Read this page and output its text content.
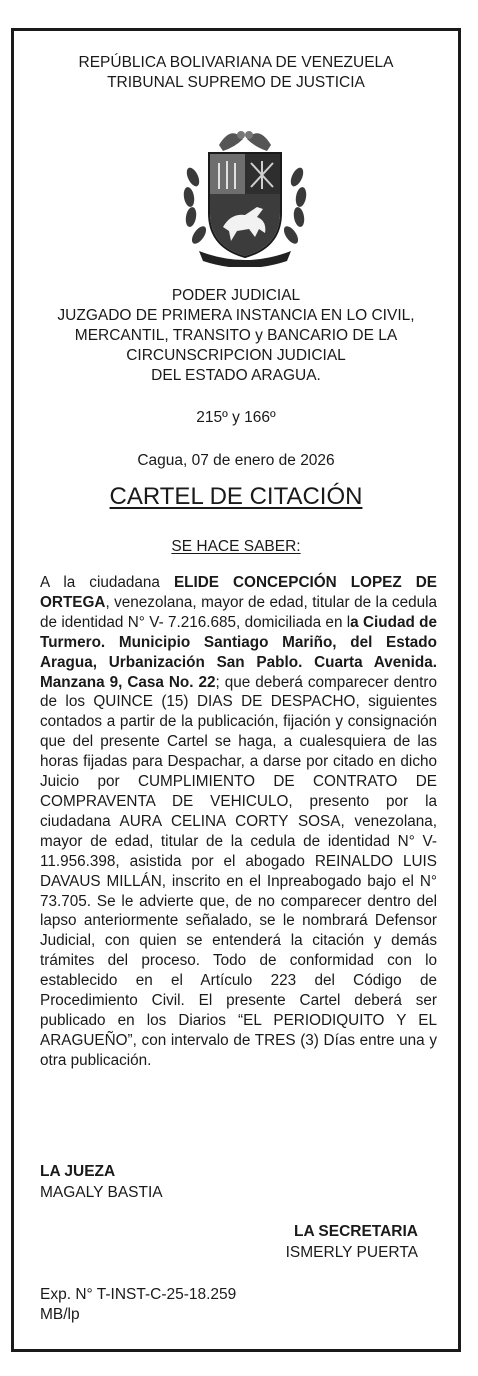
REPÚBLICA BOLIVARIANA DE VENEZUELA
TRIBUNAL SUPREMO DE JUSTICIA
PODER JUDICIAL
JUZGADO DE PRIMERA INSTANCIA EN LO CIVIL,
MERCANTIL, TRANSITO y BANCARIO DE LA
CIRCUNSCRIPCION JUDICIAL
DEL ESTADO ARAGUA.
215º y 166º
Cagua, 07 de enero de 2026
CARTEL DE CITACIÓN
SE HACE SABER:
A la ciudadana ELIDE CONCEPCIÓN LOPEZ DE ORTEGA, venezolana, mayor de edad, titular de la cedula de identidad N° V- 7.216.685, domiciliada en la Ciudad de Turmero. Municipio Santiago Mariño, del Estado Aragua, Urbanización San Pablo. Cuarta Avenida. Manzana 9, Casa No. 22; que deberá comparecer dentro de los QUINCE (15) DIAS DE DESPACHO, siguientes contados a partir de la publicación, fijación y consignación que del presente Cartel se haga, a cualesquiera de las horas fijadas para Despachar, a darse por citado en dicho Juicio por CUMPLIMIENTO DE CONTRATO DE COMPRAVENTA DE VEHICULO, presento por la ciudadana AURA CELINA CORTY SOSA, venezolana, mayor de edad, titular de la cedula de identidad N° V-11.956.398, asistida por el abogado REINALDO LUIS DAVAUS MILLÁN, inscrito en el Inpreabogado bajo el N° 73.705. Se le advierte que, de no comparecer dentro del lapso anteriormente señalado, se le nombrará Defensor Judicial, con quien se entenderá la citación y demás trámites del proceso. Todo de conformidad con lo establecido en el Artículo 223 del Código de Procedimiento Civil. El presente Cartel deberá ser publicado en los Diarios “EL PERIODIQUITO Y EL ARAGUEÑO”, con intervalo de TRES (3) Días entre una y otra publicación.
LA JUEZA
MAGALY BASTIA
LA SECRETARIA
ISMERLY PUERTA
Exp. N° T-INST-C-25-18.259
MB/lp
